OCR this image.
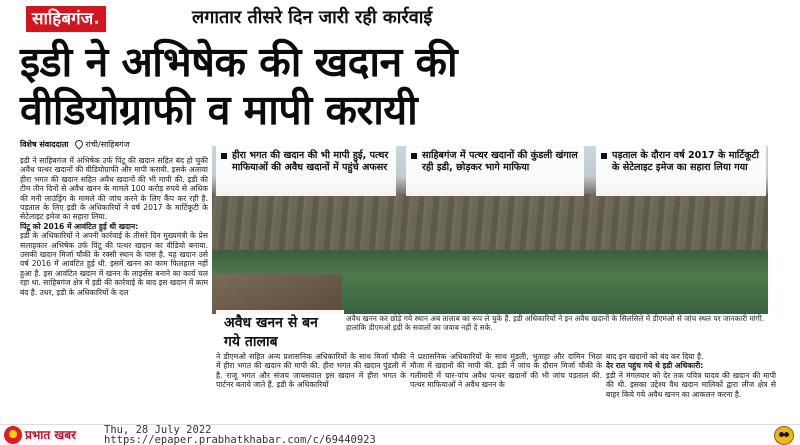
साहिबगंज.	लगातार तीसरे दिन जारी रही कार्रवाई
इडी ने अभिषेक की खदान की
वीडियोग्राफी व मापी करायी
विशेष संवाददाता रांची/साहिबगंज
इडी ने साहिबगंज में अभिषेक उर्फ पिंटू की खदान सहित बंद हो चुकी अवैध पत्थर खदानों की वीडियोग्राफी और मापी करायी. इसके अलावा हीरा भगत की खदान सहित अवैध खदानों की भी मापी की. इडी की टीम तीन दिनों से अवैध खनन के मामले 100 करोड़ रुपये से अधिक की मनी लाउंड्रिंग के मामले की जांच करने के लिए कैंप कर रही है. पड़ताल के लिए इडी के अधिकारियों ने वर्ष 2017 के मार्टिकूटी के सेटेलाइट इमेज का सहारा लिया.
पिंटू को 2016 में आवंटित हुई थी खदान:
इडी के अधिकारियों ने अपनी कार्रवाई के तीसरे दिन मुख्यमंत्री के प्रेस सलाहकार अभिषेक उर्फ पिंटू की पत्थर खदान का वीडियो बनाया. उसकी खदान मिर्जा चौकी के रक्सी स्थान के पास है. यह खदान उसे वर्ष 2016 में आवंटित हुई थी. इसमें खनन का काम फिलहाल नहीं हुआ है. इस आवंटित खदान में खनन के लाइसेंस बनाने का कार्य चल रहा था. साहिबगंज क्षेत्र में इडी की कार्रवाई के बाद इस खदान में काम बंद है. उधर, इडी के अधिकारियों के दल
हीरा भगत की खदान की भी मापी हुई, पत्थर माफियाओं की अवैध खदानों में पहुंचे अफसर
साहिबगंज में पत्थर खदानों की कुंडली खंगाल रही इडी, छोड़कर भागे माफिया
पड़ताल के दौरान वर्ष 2017 के मार्टिकूटी के सेटेलाइट इमेज का सहारा लिया गया
अवैध खनन से बन गये तालाब
अवैध खनन कर छोड़े गये स्थान अब तालाब का रूप ले चुके हैं. इडी अधिकारियों ने इन अवैध खदानों के सिलसिले में डीएमओ से जांच स्थल पर जानकारी मांगी. हालांकि डीएमओ इडी के सवालों का जवाब नहीं दे सके.
ने डीएमओ सहित अन्य प्रशासनिक अधिकारियों के साथ मिर्जा चौकी में हीरा भगत की खदान की मापी की. हीरा भगत की खदान पुंडली में है. राजू भगत और संजय जायसवाल इस खदान में हीरा भगत के पार्टनर बताये जाते हैं. इडी के अधिकारियों
ने प्रशासनिक अधिकारियों के साथ मुंडली, भुताहा और दामिन भिठा मौजा में खदानों की मापी की. इडी ने जांच के दौरान मिर्जा चौकी के गलीमारी में चार-पांच अवैध पत्थर खदानों की भी जांच पड़ताल की. पत्थर माफियाओं ने अवैध खनन के
बाद इन खदानों को बंद कर दिया है.
देर रात पहुंच गये थे इडी अधिकारी:
इडी ने मंगलवार को देर तक पवित्र यादव की खदान की मापी की थी. इसका उद्देश्य वैध खदान मालिकों द्वारा लीज क्षेत्र से बाहर किये गये अवैध खनन का आकलन करना है.
प्रभात खबर	Thu, 28 July 2022
https://epaper.prabhatkhabar.com/c/69440923
